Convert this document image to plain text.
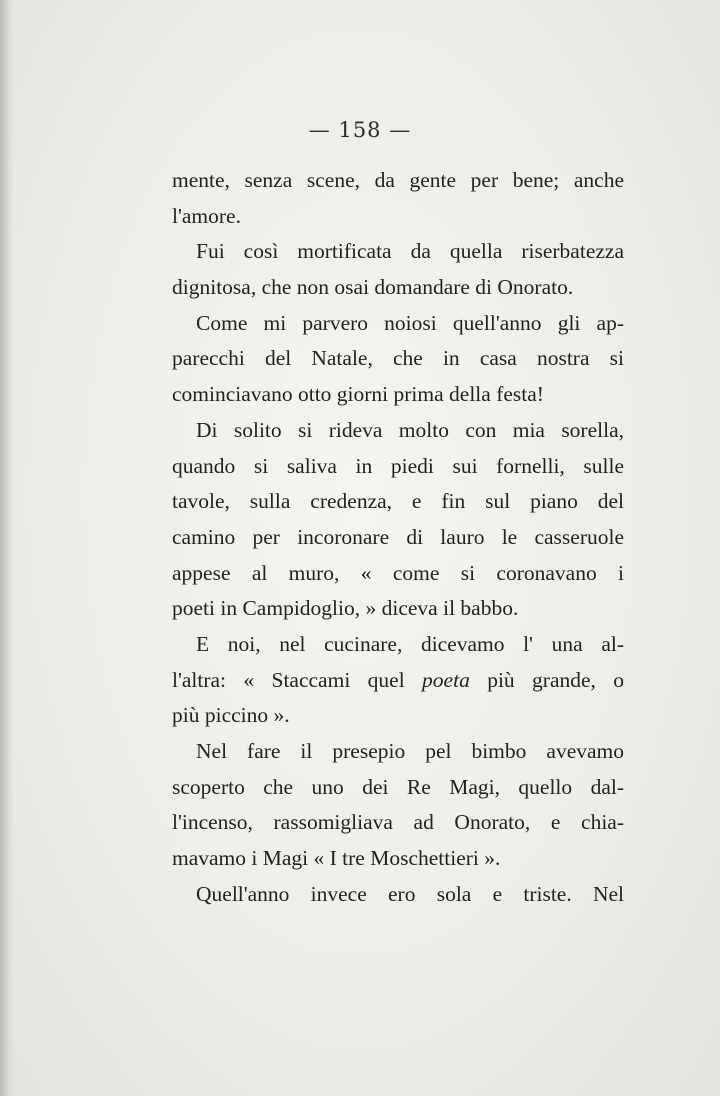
— 158 —
mente, senza scene, da gente per bene; anche
l'amore.
Fui così mortificata da quella riserbatezza
dignitosa, che non osai domandare di Onorato.
Come mi parvero noiosi quell'anno gli ap-
parecchi del Natale, che in casa nostra si
cominciavano otto giorni prima della festa!
Di solito si rideva molto con mia sorella,
quando si saliva in piedi sui fornelli, sulle
tavole, sulla credenza, e fin sul piano del
camino per incoronare di lauro le casseruole
appese al muro, « come si coronavano i
poeti in Campidoglio, » diceva il babbo.
E noi, nel cucinare, dicevamo l' una al-
l'altra: « Staccami quel poeta più grande, o
più piccino ».
Nel fare il presepio pel bimbo avevamo
scoperto che uno dei Re Magi, quello dal-
l'incenso, rassomigliava ad Onorato, e chia-
mavamo i Magi « I tre Moschettieri ».
Quell'anno invece ero sola e triste. Nel
